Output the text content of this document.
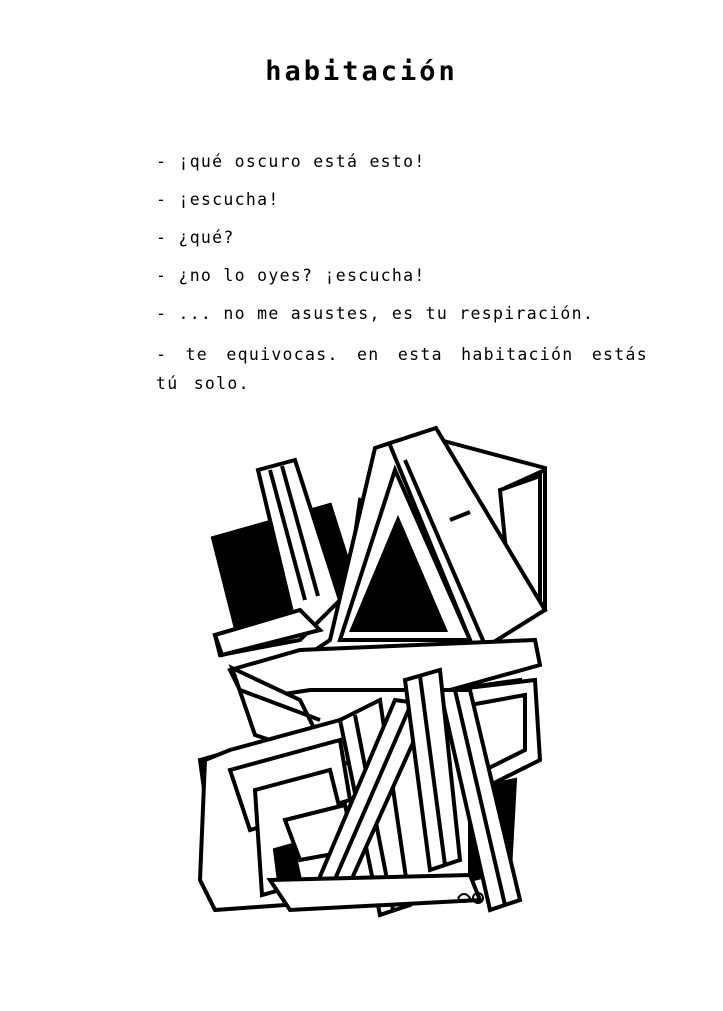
habitación
- ¡qué oscuro está esto!
- ¡escucha!
- ¿qué?
- ¿no lo oyes? ¡escucha!
- ... no me asustes, es tu respiración.
- te equivocas. en esta habitación estás tú solo.
